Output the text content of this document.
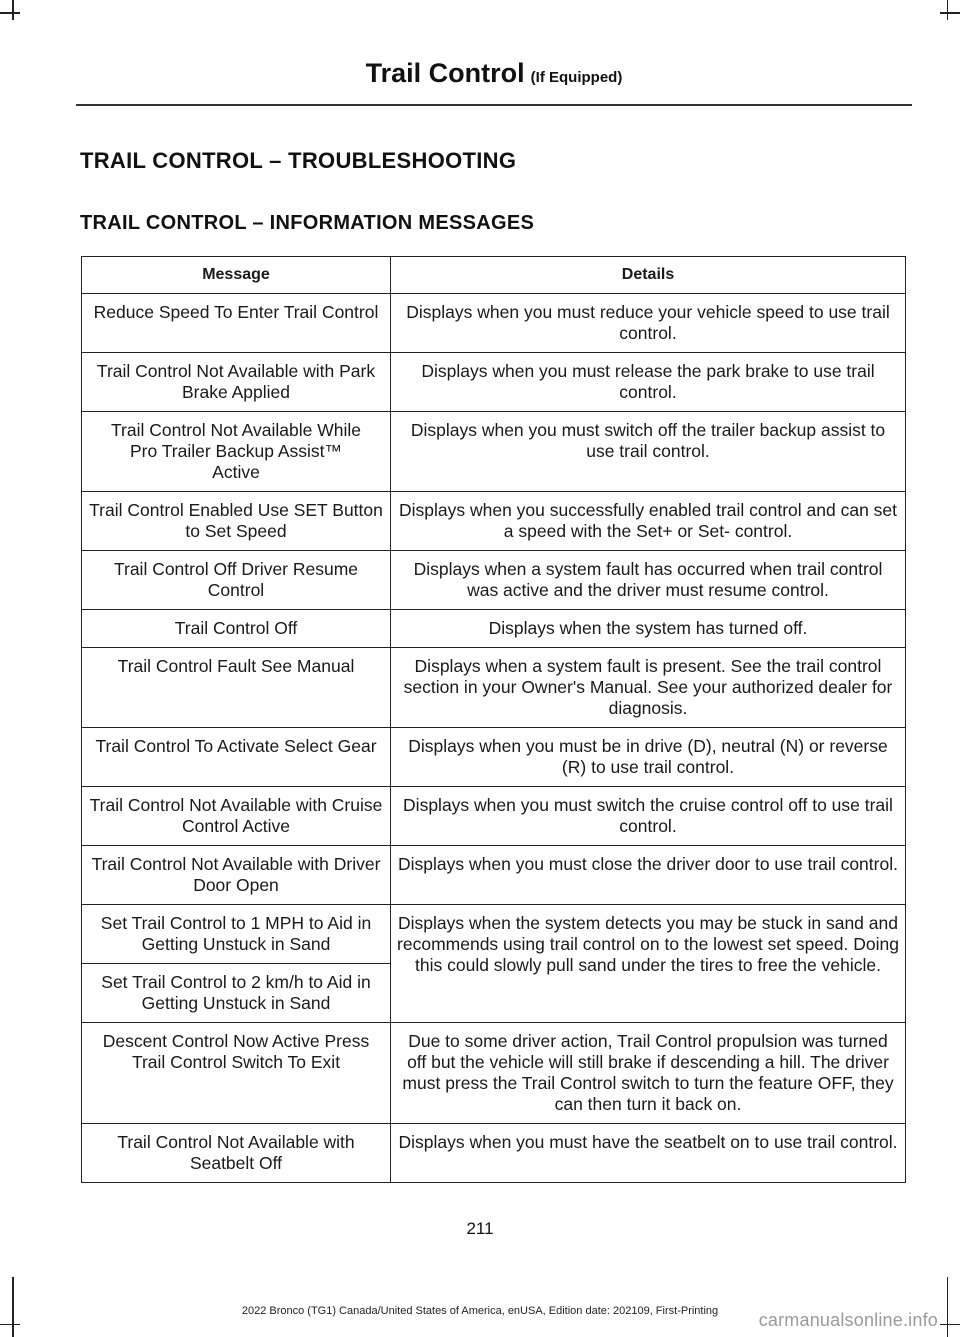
Trail Control (If Equipped)
TRAIL CONTROL – TROUBLESHOOTING
TRAIL CONTROL – INFORMATION MESSAGES
Message	Details
Reduce Speed To Enter Trail Control	Displays when you must reduce your vehicle speed to use trail control.
Trail Control Not Available with Park Brake Applied	Displays when you must release the park brake to use trail control.
Trail Control Not Available While Pro Trailer Backup Assist™ Active	Displays when you must switch off the trailer backup assist to use trail control.
Trail Control Enabled Use SET Button to Set Speed	Displays when you successfully enabled trail control and can set a speed with the Set+ or Set- control.
Trail Control Off Driver Resume Control	Displays when a system fault has occurred when trail control was active and the driver must resume control.
Trail Control Off	Displays when the system has turned off.
Trail Control Fault See Manual	Displays when a system fault is present. See the trail control section in your Owner's Manual. See your authorized dealer for diagnosis.
Trail Control To Activate Select Gear	Displays when you must be in drive (D), neutral (N) or reverse (R) to use trail control.
Trail Control Not Available with Cruise Control Active	Displays when you must switch the cruise control off to use trail control.
Trail Control Not Available with Driver Door Open	Displays when you must close the driver door to use trail control.
Set Trail Control to 1 MPH to Aid in Getting Unstuck in Sand	Displays when the system detects you may be stuck in sand and recommends using trail control on to the lowest set speed. Doing this could slowly pull sand under the tires to free the vehicle.
Set Trail Control to 2 km/h to Aid in Getting Unstuck in Sand	
Descent Control Now Active Press Trail Control Switch To Exit	Due to some driver action, Trail Control propulsion was turned off but the vehicle will still brake if descending a hill. The driver must press the Trail Control switch to turn the feature OFF, they can then turn it back on.
Trail Control Not Available with Seatbelt Off	Displays when you must have the seatbelt on to use trail control.
211
2022 Bronco (TG1) Canada/United States of America, enUSA, Edition date: 202109, First-Printing	carmanualsonline.info
